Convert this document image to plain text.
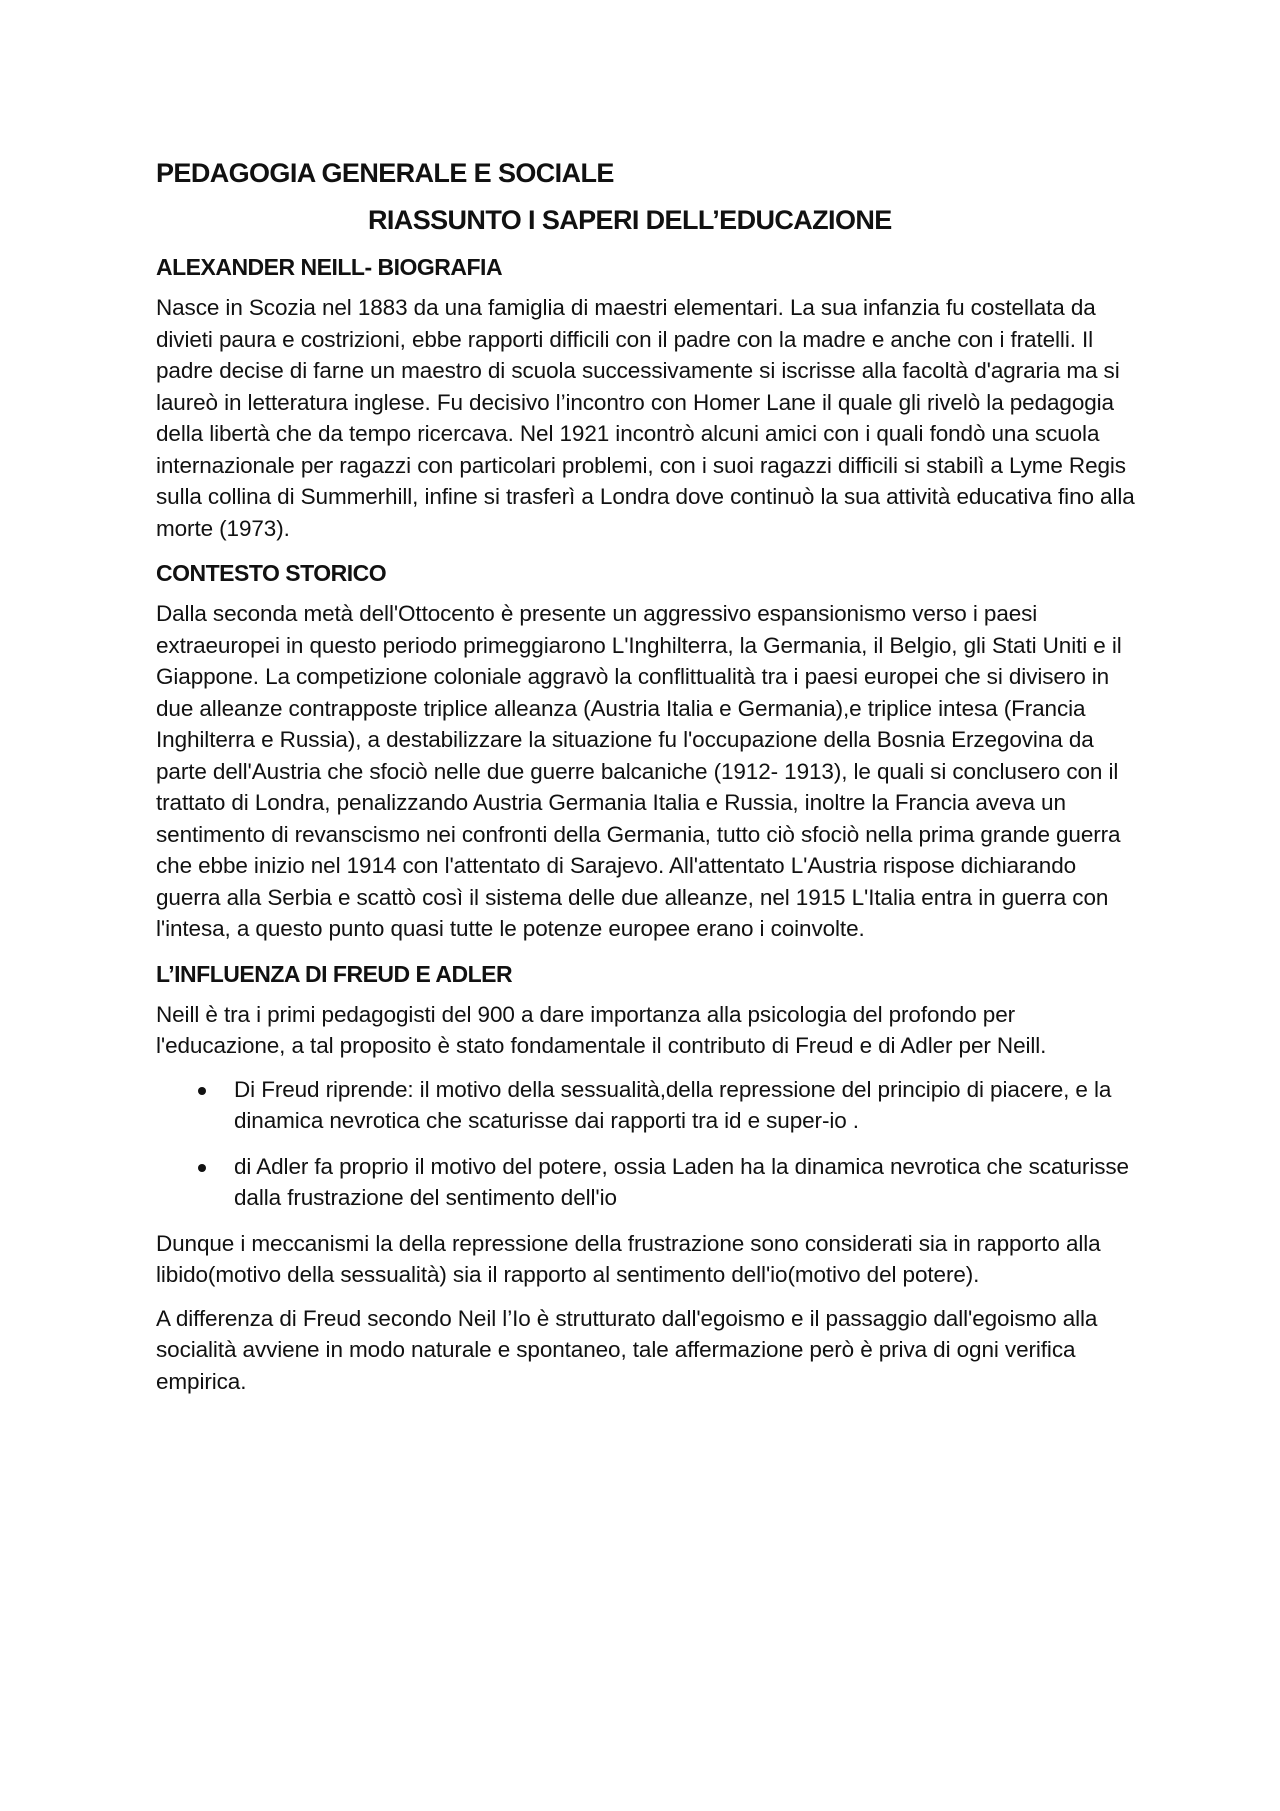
PEDAGOGIA GENERALE E SOCIALE
RIASSUNTO I SAPERI DELL’EDUCAZIONE
ALEXANDER NEILL- BIOGRAFIA

Nasce in Scozia nel 1883 da una famiglia di maestri elementari. La sua infanzia fu costellata da divieti paura e costrizioni, ebbe rapporti difficili con il padre con la madre e anche con i fratelli. Il padre decise di farne un maestro di scuola successivamente si iscrisse alla facoltà d'agraria ma si laureò in letteratura inglese. Fu decisivo l’incontro con Homer Lane il quale gli rivelò la pedagogia della libertà che da tempo ricercava. Nel 1921 incontrò alcuni amici con i quali fondò una scuola internazionale per ragazzi con particolari problemi, con i suoi ragazzi difficili si stabilì a Lyme Regis sulla collina di Summerhill, infine si trasferì a Londra dove continuò la sua attività educativa fino alla morte (1973).

CONTESTO STORICO

Dalla seconda metà dell'Ottocento è presente un aggressivo espansionismo verso i paesi extraeuropei in questo periodo primeggiarono L'Inghilterra, la Germania, il Belgio, gli Stati Uniti e il Giappone. La competizione coloniale aggravò la conflittualità tra i paesi europei che si divisero in due alleanze contrapposte triplice alleanza (Austria Italia e Germania),e triplice intesa (Francia Inghilterra e Russia), a destabilizzare la situazione fu l'occupazione della Bosnia Erzegovina da parte dell'Austria che sfociò nelle due guerre balcaniche (1912- 1913), le quali si conclusero con il trattato di Londra, penalizzando Austria Germania Italia e Russia, inoltre la Francia aveva un sentimento di revanscismo nei confronti della Germania, tutto ciò sfociò nella prima grande guerra che ebbe inizio nel 1914 con l'attentato di Sarajevo. All'attentato L'Austria rispose dichiarando guerra alla Serbia e scattò così il sistema delle due alleanze, nel 1915 L'Italia entra in guerra con l'intesa, a questo punto quasi tutte le potenze europee erano i coinvolte.

L’INFLUENZA DI FREUD E ADLER

Neill è tra i primi pedagogisti del 900 a dare importanza alla psicologia del profondo per l'educazione, a tal proposito è stato fondamentale il contributo di Freud e di Adler per Neill.

Di Freud riprende: il motivo della sessualità,della repressione del principio di piacere, e la dinamica nevrotica che scaturisse dai rapporti tra id e super-io .
di Adler fa proprio il motivo del potere, ossia Laden ha la dinamica nevrotica che scaturisse dalla frustrazione del sentimento dell'io

Dunque i meccanismi la della repressione della frustrazione sono considerati sia in rapporto alla libido(motivo della sessualità) sia il rapporto al sentimento dell'io(motivo del potere).

A differenza di Freud secondo Neil l’Io è strutturato dall'egoismo e il passaggio dall'egoismo alla socialità avviene in modo naturale e spontaneo, tale affermazione però è priva di ogni verifica empirica.
